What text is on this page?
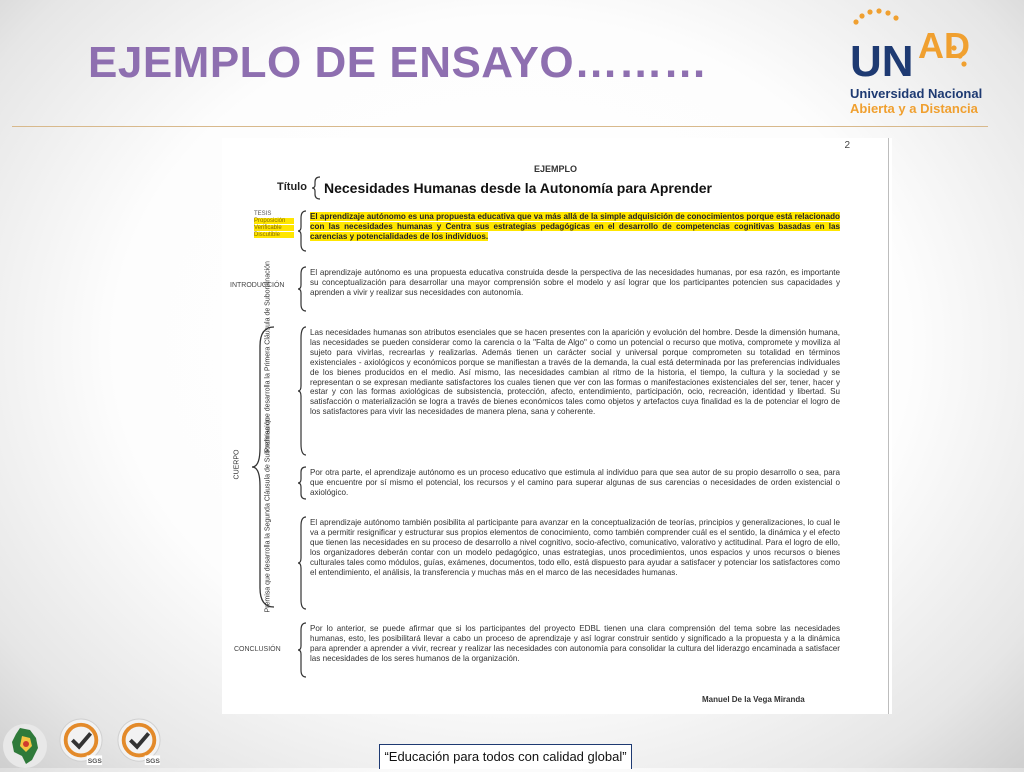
EJEMPLO DE ENSAYO………	UN AD
Universidad Nacional
Abierta y a Distancia
2
EJEMPLO
Título Necesidades Humanas desde la Autonomía para Aprender
TESIS
Proposición
Verificable
Discutible

El aprendizaje autónomo es una propuesta educativa que va más allá de la simple adquisición de conocimientos porque está relacionado con las necesidades humanas y Centra sus estrategias pedagógicas en el desarrollo de competencias cognitivas basadas en las carencias y potencialidades de los individuos.

INTRODUCCIÓN

El aprendizaje autónomo es una propuesta educativa construida desde la perspectiva de las necesidades humanas, por esa razón, es importante su conceptualización para desarrollar una mayor comprensión sobre el modelo y así lograr que los participantes potencien sus capacidades y aprenden a vivir y realizar sus necesidades con autonomía.

CUERPO
Premisa que desarrolla la Primera Cláusula de Subordinación	Las necesidades humanas son atributos esenciales que se hacen presentes con la aparición y evolución del hombre. Desde la dimensión humana, las necesidades se pueden considerar como la carencia o la "Falta de Algo" o como un potencial o recurso que motiva, compromete y moviliza al sujeto para vivirlas, recrearlas y realizarlas. Además tienen un carácter social y universal porque comprometen su totalidad en términos existenciales - axiológicos y económicos porque se manifiestan a través de la demanda, la cual está determinada por las preferencias individuales de los bienes producidos en el medio. Así mismo, las necesidades cambian al ritmo de la historia, el tiempo, la cultura y la sociedad y se representan o se expresan mediante satisfactores los cuales tienen que ver con las formas o manifestaciones existenciales del ser, tener, hacer y estar y con las formas axiológicas de subsistencia, protección, afecto, entendimiento, participación, ocio, recreación, identidad y libertad. Su satisfacción o materialización se logra a través de bienes económicos tales como objetos y artefactos cuya finalidad es la de potenciar el logro de los satisfactores para vivir las necesidades de manera plena, sana y coherente.

Premisa que desarrolla la Segunda Cláusula de Subordinación	Por otra parte, el aprendizaje autónomo es un proceso educativo que estimula al individuo para que sea autor de su propio desarrollo o sea, para que encuentre por sí mismo el potencial, los recursos y el camino para superar algunas de sus carencias o necesidades de orden existencial o axiológico.

El aprendizaje autónomo también posibilita al participante para avanzar en la conceptualización de teorías, principios y generalizaciones, lo cual le va a permitir resignificar y estructurar sus propios elementos de conocimiento, como también comprender cuál es el sentido, la dinámica y el efecto que tienen las necesidades en su proceso de desarrollo a nivel cognitivo, socio-afectivo, comunicativo, valorativo y actitudinal. Para el logro de ello, los organizadores deberán contar con un modelo pedagógico, unas estrategias, unos procedimientos, unos espacios y unos recursos o bienes culturales tales como módulos, guías, exámenes, documentos, todo ello, está dispuesto para ayudar a satisfacer y potenciar los satisfactores como el entendimiento, el análisis, la transferencia y muchas más en el marco de las necesidades humanas.

CONCLUSIÓN

Por lo anterior, se puede afirmar que si los participantes del proyecto EDBL tienen una clara comprensión del tema sobre las necesidades humanas, esto, les posibilitará llevar a cabo un proceso de aprendizaje y así lograr construir sentido y significado a la propuesta y a la dinámica para aprender a aprender a vivir, recrear y realizar las necesidades con autonomía para consolidar la cultura del liderazgo encaminada a satisfacer las necesidades de los seres humanos de la organización.

Manuel De la Vega Miranda
SGS	SGS	“Educación para todos con calidad global”
